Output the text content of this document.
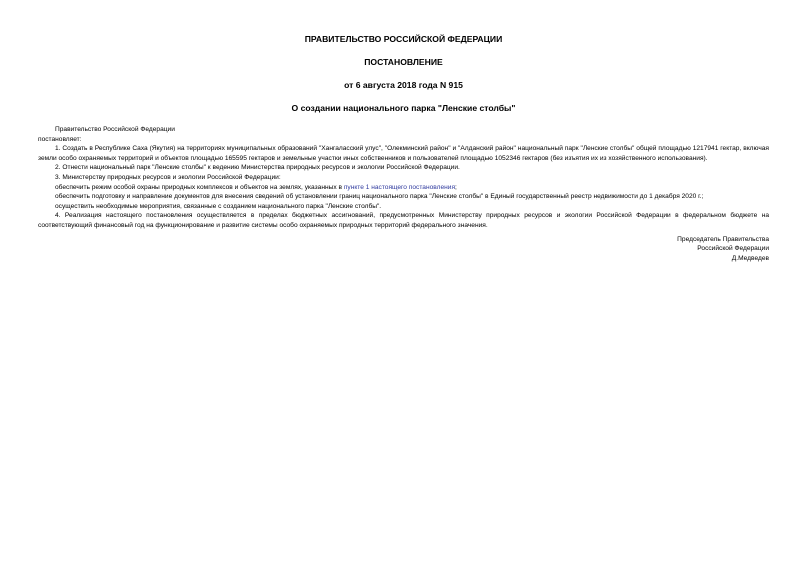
ПРАВИТЕЛЬСТВО РОССИЙСКОЙ ФЕДЕРАЦИИ
ПОСТАНОВЛЕНИЕ
от 6 августа 2018 года N 915
О создании национального парка "Ленские столбы"

Правительство Российской Федерации

постановляет:

1. Создать в Республике Саха (Якутия) на территориях муниципальных образований "Хангаласский улус", "Олекминский район" и "Алданский район" национальный парк "Ленские столбы" общей площадью 1217941 гектар, включая земли особо охраняемых территорий и объектов площадью 165595 гектаров и земельные участки иных собственников и пользователей площадью 1052346 гектаров (без изъятия их из хозяйственного использования).

2. Отнести национальный парк "Ленские столбы" к ведению Министерства природных ресурсов и экологии Российской Федерации.

3. Министерству природных ресурсов и экологии Российской Федерации:

обеспечить режим особой охраны природных комплексов и объектов на землях, указанных в пункте 1 настоящего постановления;

обеспечить подготовку и направление документов для внесения сведений об установлении границ национального парка "Ленские столбы" в Единый государственный реестр недвижимости до 1 декабря 2020 г.;

осуществить необходимые мероприятия, связанные с созданием национального парка "Ленские столбы".

4. Реализация настоящего постановления осуществляется в пределах бюджетных ассигнований, предусмотренных Министерству природных ресурсов и экологии Российской Федерации в федеральном бюджете на соответствующий финансовый год на функционирование и развитие системы особо охраняемых природных территорий федерального значения.

Председатель Правительства
Российской Федерации
Д.Медведев
